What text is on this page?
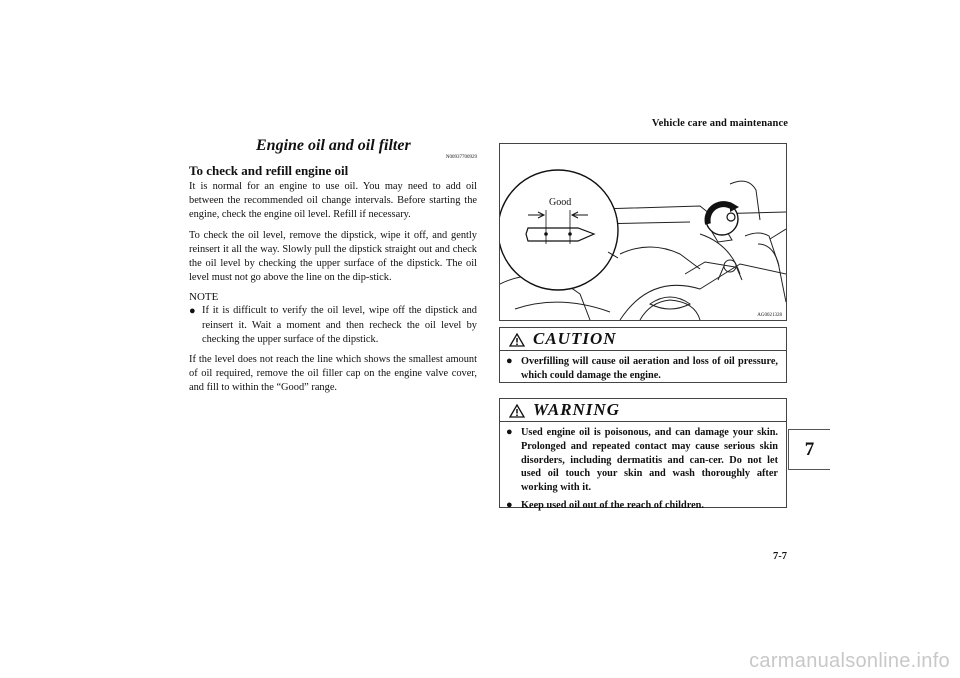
Vehicle care and maintenance
7
7-7
Engine oil and oil filter
N00937700929
To check and refill engine oil

It is normal for an engine to use oil. You may need to add oil between the recommended oil change intervals. Before starting the engine, check the engine oil level. Refill if necessary.

To check the oil level, remove the dipstick, wipe it off, and gently reinsert it all the way. Slowly pull the dipstick straight out and check the oil level by checking the upper surface of the dipstick. The oil level must not go above the line on the dip-stick.

NOTE
● If it is difficult to verify the oil level, wipe off the dipstick and reinsert it. Wait a moment and then recheck the oil level by checking the upper surface of the dipstick.

If the level does not reach the line which shows the smallest amount of oil required, remove the oil filler cap on the engine valve cover, and fill to within the “Good” range.

Good
AG0021328
CAUTION
● Overfilling will cause oil aeration and loss of oil pressure, which could damage the engine.
WARNING
● Used engine oil is poisonous, and can damage your skin. Prolonged and repeated contact may cause serious skin disorders, including dermatitis and can-cer. Do not let used oil touch your skin and wash thoroughly after working with it.
● Keep used oil out of the reach of children.
carmanualsonline.info
